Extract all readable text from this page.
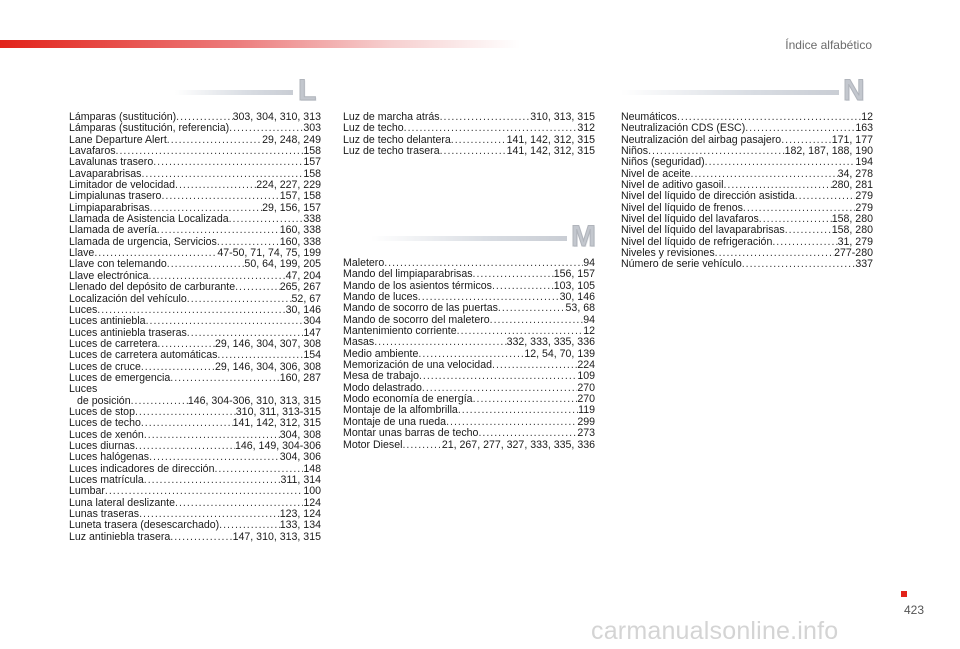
Índice alfabético
L
M
N
Lámparas (sustitución) .....	303, 304, 310, 313
Lámparas (sustitución, referencia) .....	303
Lane Departure Alert .....	29, 248, 249
Lavafaros .....	158
Lavalunas trasero .....	157
Lavaparabrisas .....	158
Limitador de velocidad .....	224, 227, 229
Limpialunas trasero .....	157, 158
Limpiaparabrisas .....	29, 156, 157
Llamada de Asistencia Localizada .....	338
Llamada de avería .....	160, 338
Llamada de urgencia, Servicios .....	160, 338
Llave .....	47-50, 71, 74, 75, 199
Llave con telemando .....	50, 64, 199, 205
Llave electrónica .....	47, 204
Llenado del depósito de carburante .....	265, 267
Localización del vehículo .....	52, 67
Luces .....	30, 146
Luces antiniebla .....	304
Luces antiniebla traseras .....	147
Luces de carretera .....	29, 146, 304, 307, 308
Luces de carretera automáticas .....	154
Luces de cruce .....	29, 146, 304, 306, 308
Luces de emergencia .....	160, 287
Luces
de posición .....	146, 304-306, 310, 313, 315
Luces de stop .....	310, 311, 313-315
Luces de techo .....	141, 142, 312, 315
Luces de xenón .....	304, 308
Luces diurnas .....	146, 149, 304-306
Luces halógenas .....	304, 306
Luces indicadores de dirección .....	148
Luces matrícula .....	311, 314
Lumbar .....	100
Luna lateral deslizante .....	124
Lunas traseras .....	123, 124
Luneta trasera (desescarchado) .....	133, 134
Luz antiniebla trasera .....	147, 310, 313, 315
Luz de marcha atrás .....	310, 313, 315
Luz de techo .....	312
Luz de techo delantera .....	141, 142, 312, 315
Luz de techo trasera .....	141, 142, 312, 315
Maletero .....	94
Mando del limpiaparabrisas .....	156, 157
Mando de los asientos térmicos .....	103, 105
Mando de luces .....	30, 146
Mando de socorro de las puertas .....	53, 68
Mando de socorro del maletero .....	94
Mantenimiento corriente .....	12
Masas .....	332, 333, 335, 336
Medio ambiente .....	12, 54, 70, 139
Memorización de una velocidad .....	224
Mesa de trabajo .....	109
Modo delastrado .....	270
Modo economía de energía .....	270
Montaje de la alfombrilla .....	119
Montaje de una rueda .....	299
Montar unas barras de techo .....	273
Motor Diesel .....	21, 267, 277, 327, 333, 335, 336
Neumáticos .....	12
Neutralización CDS (ESC) .....	163
Neutralización del airbag pasajero .....	171, 177
Niños .....	182, 187, 188, 190
Niños (seguridad) .....	194
Nivel de aceite .....	34, 278
Nivel de aditivo gasoil .....	280, 281
Nivel del líquido de dirección asistida .....	279
Nivel del líquido de frenos .....	279
Nivel del líquido del lavafaros .....	158, 280
Nivel del líquido del lavaparabrisas .....	158, 280
Nivel del líquido de refrigeración .....	31, 279
Niveles y revisiones .....	277-280
Número de serie vehículo .....	337
423
carmanualsonline.info
